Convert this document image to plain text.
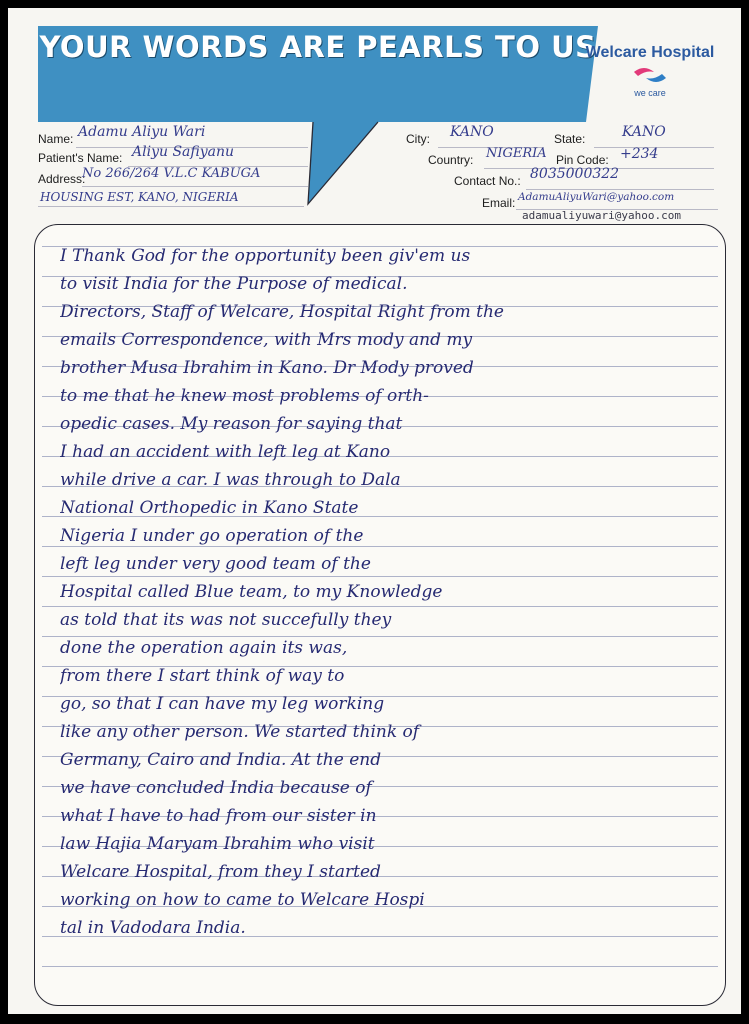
YOUR WORDS ARE PEARLS TO US
Welcare Hospital
we care
Name: Adamu Aliyu Wari
Patient's Name: Aliyu Safiyanu
Address:
No 266/264 V.L.C KABUGA
HOUSING EST, KANO, NIGERIA
City: KANO	State:	KANO
Country: NIGERIA Pin Code: +234
Contact No.: 8035000322
Email: AdamuAliyuWari@yahoo.com
adamualiyuwari@yahoo.com
I Thank God for the opportunity been giv'em us
to visit India for the Purpose of medical.
Directors, Staff of Welcare, Hospital Right from the
emails Correspondence, with Mrs mody and my
brother Musa Ibrahim in Kano. Dr Mody proved
to me that he knew most problems of orth-
opedic cases. My reason for saying that
I had an accident with left leg at Kano
while drive a car. I was through to Dala
National Orthopedic in Kano State
Nigeria I under go operation of the
left leg under very good team of the
Hospital called Blue team, to my Knowledge
as told that its was not succefully they
done the operation again its was,
from there I start think of way to
go, so that I can have my leg working
like any other person. We started think of
Germany, Cairo and India. At the end
we have concluded India because of
what I have to had from our sister in
law Hajia Maryam Ibrahim who visit
Welcare Hospital, from they I started
working on how to came to Welcare Hospi
tal in Vadodara India.
